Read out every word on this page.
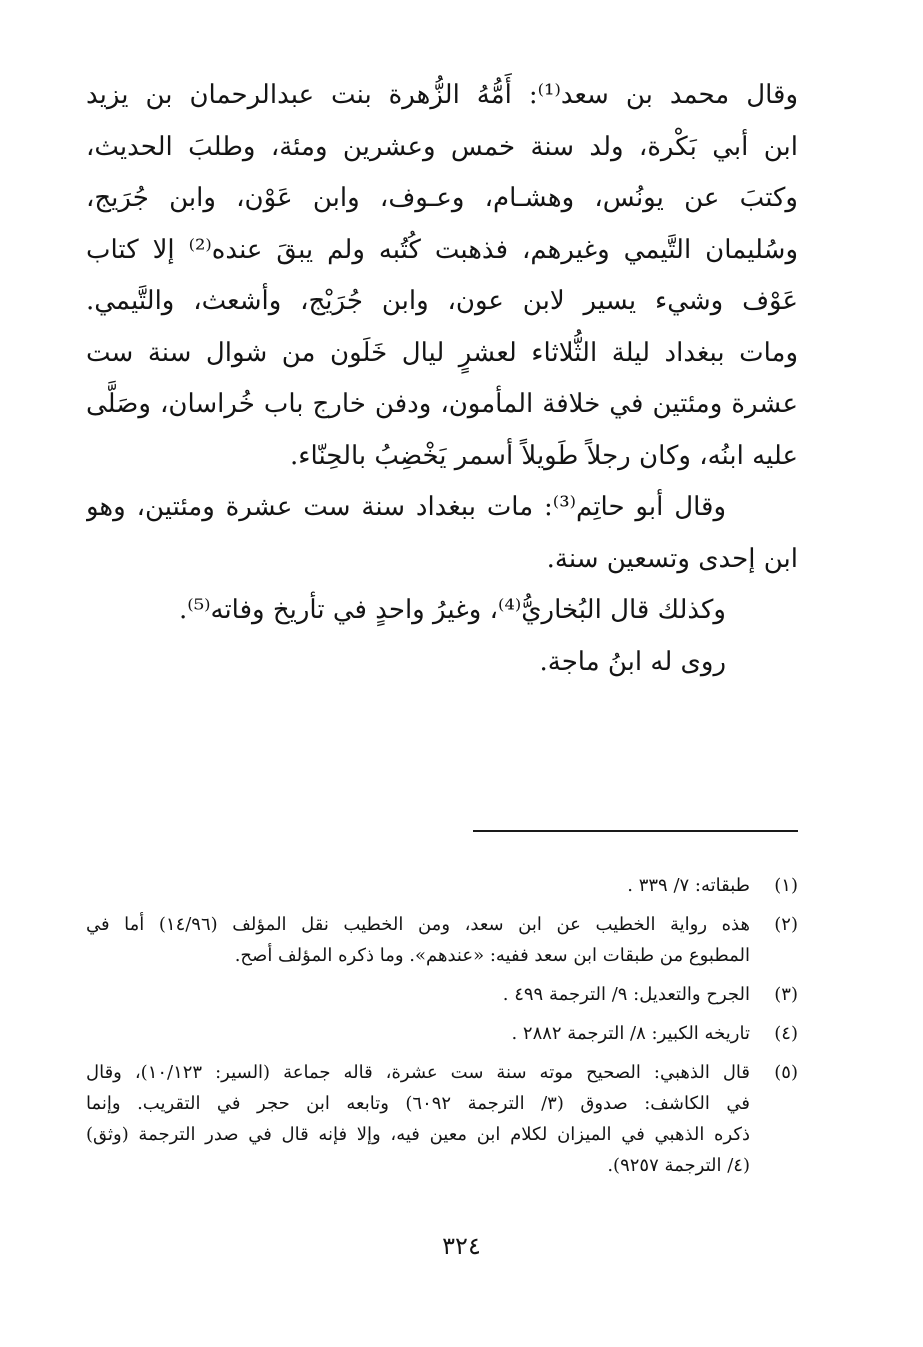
وقال محمد بن سعد⁽¹⁾: أَمُّهُ الزُّهرة بنت عبدالرحمان بن يزيد
ابن أبي بَكْرة، ولد سنة خمس وعشرين ومئة، وطلبَ الحديث،
وكتبَ عن يونُس، وهشـام، وعـوف، وابن عَوْن، وابن جُرَيج،
وسُليمان التَّيمي وغيرهم، فذهبت كُتُبه ولم يبقَ عنده⁽²⁾ إلا كتاب
عَوْف وشيء يسير لابن عون، وابن جُرَيْج، وأشعث، والتَّيمي.
ومات ببغداد ليلة الثُّلاثاء لعشرٍ ليال خَلَون من شوال سنة ست
عشرة ومئتين في خلافة المأمون، ودفن خارج باب خُراسان، وصَلَّى
عليه ابنُه، وكان رجلاً طَويلاً أسمر يَخْضِبُ بالحِنّاء.
وقال أبو حاتِم⁽³⁾: مات ببغداد سنة ست عشرة ومئتين، وهو
ابن إحدى وتسعين سنة.
وكذلك قال البُخاريُّ⁽⁴⁾، وغيرُ واحدٍ في تأريخ وفاته⁽⁵⁾.
روى له ابنُ ماجة.
(١)
طبقاته: ٧/ ٣٣٩ .
(٢)
هذه رواية الخطيب عن ابن سعد، ومن الخطيب نقل المؤلف (١٤/٩٦) أما في
المطبوع من طبقات ابن سعد ففيه: «عندهم». وما ذكره المؤلف أصح.
(٣)
الجرح والتعديل: ٩/ الترجمة ٤٩٩ .
(٤)
تاريخه الكبير: ٨/ الترجمة ٢٨٨٢ .
(٥)
قال الذهبي: الصحيح موته سنة ست عشرة، قاله جماعة (السير: ١٠/١٢٣)، وقال
في الكاشف: صدوق (٣/ الترجمة ٦٠٩٢) وتابعه ابن حجر في التقريب. وإنما
ذكره الذهبي في الميزان لكلام ابن معين فيه، وإلا فإنه قال في صدر الترجمة (وثق)
(٤/ الترجمة ٩٢٥٧).
٣٢٤
